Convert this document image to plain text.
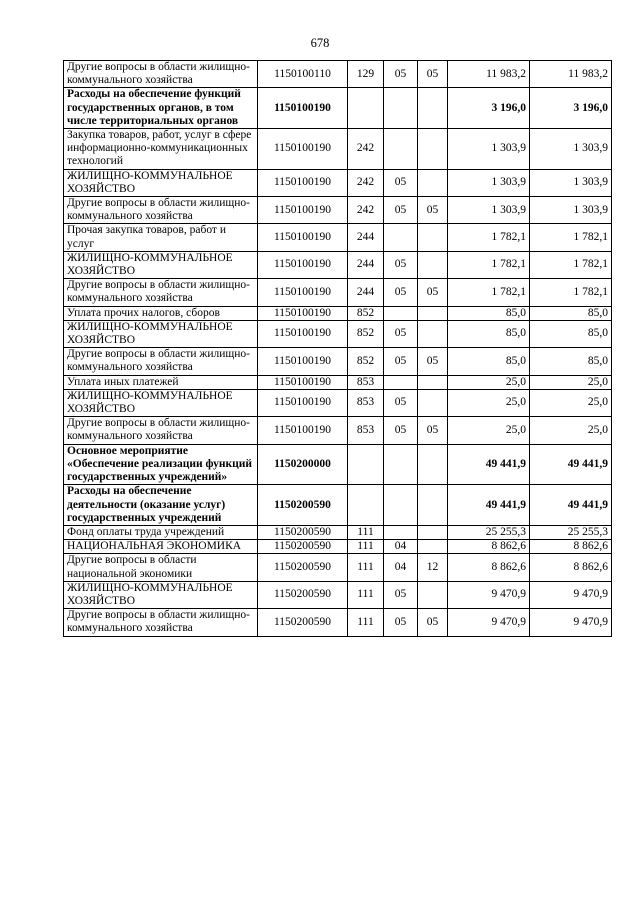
678
Другие вопросы в области жилищно-коммунального хозяйства	1150100110	129	05	05	11 983,2	11 983,2
Расходы на обеспечение функций государственных органов, в том числе территориальных органов	1150100190				3 196,0	3 196,0
Закупка товаров, работ, услуг в сфере информационно-коммуникационных технологий	1150100190	242			1 303,9	1 303,9
ЖИЛИЩНО-КОММУНАЛЬНОЕ ХОЗЯЙСТВО	1150100190	242	05		1 303,9	1 303,9
Другие вопросы в области жилищно-коммунального хозяйства	1150100190	242	05	05	1 303,9	1 303,9
Прочая закупка товаров, работ и услуг	1150100190	244			1 782,1	1 782,1
ЖИЛИЩНО-КОММУНАЛЬНОЕ ХОЗЯЙСТВО	1150100190	244	05		1 782,1	1 782,1
Другие вопросы в области жилищно-коммунального хозяйства	1150100190	244	05	05	1 782,1	1 782,1
Уплата прочих налогов, сборов	1150100190	852			85,0	85,0
ЖИЛИЩНО-КОММУНАЛЬНОЕ ХОЗЯЙСТВО	1150100190	852	05		85,0	85,0
Другие вопросы в области жилищно-коммунального хозяйства	1150100190	852	05	05	85,0	85,0
Уплата иных платежей	1150100190	853			25,0	25,0
ЖИЛИЩНО-КОММУНАЛЬНОЕ ХОЗЯЙСТВО	1150100190	853	05		25,0	25,0
Другие вопросы в области жилищно-коммунального хозяйства	1150100190	853	05	05	25,0	25,0
Основное мероприятие «Обеспечение реализации функций государственных учреждений»	1150200000				49 441,9	49 441,9
Расходы на обеспечение деятельности (оказание услуг) государственных учреждений	1150200590				49 441,9	49 441,9
Фонд оплаты труда учреждений	1150200590	111			25 255,3	25 255,3
НАЦИОНАЛЬНАЯ ЭКОНОМИКА	1150200590	111	04		8 862,6	8 862,6
Другие вопросы в области национальной экономики	1150200590	111	04	12	8 862,6	8 862,6
ЖИЛИЩНО-КОММУНАЛЬНОЕ ХОЗЯЙСТВО	1150200590	111	05		9 470,9	9 470,9
Другие вопросы в области жилищно-коммунального хозяйства	1150200590	111	05	05	9 470,9	9 470,9
